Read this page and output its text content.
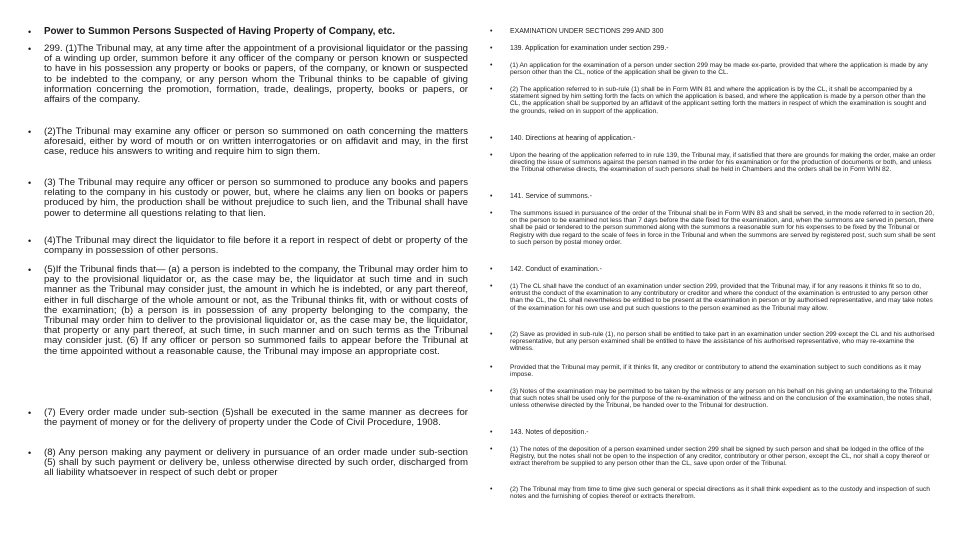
• Power to Summon Persons Suspected of Having Property of Company, etc.
• 299. (1)The Tribunal may, at any time after the appointment of a provisional liquidator or the passing of a winding up order, summon before it any officer of the company or person known or suspected to have in his possession any property or books or papers, of the company, or known or suspected to be indebted to the company, or any person whom the Tribunal thinks to be capable of giving information concerning the promotion, formation, trade, dealings, property, books or papers, or affairs of the company.
• (2)The Tribunal may examine any officer or person so summoned on oath concerning the matters aforesaid, either by word of mouth or on written interrogatories or on affidavit and may, in the first case, reduce his answers to writing and require him to sign them.
• (3) The Tribunal may require any officer or person so summoned to produce any books and papers relating to the company in his custody or power, but, where he claims any lien on books or papers produced by him, the production shall be without prejudice to such lien, and the Tribunal shall have power to determine all questions relating to that lien.
• (4)The Tribunal may direct the liquidator to file before it a report in respect of debt or property of the company in possession of other persons.
• (5)If the Tribunal finds that— (a) a person is indebted to the company, the Tribunal may order him to pay to the provisional liquidator or, as the case may be, the liquidator at such time and in such manner as the Tribunal may consider just, the amount in which he is indebted, or any part thereof, either in full discharge of the whole amount or not, as the Tribunal thinks fit, with or without costs of the examination; (b) a person is in possession of any property belonging to the company, the Tribunal may order him to deliver to the provisional liquidator or, as the case may be, the liquidator, that property or any part thereof, at such time, in such manner and on such terms as the Tribunal may consider just. (6) If any officer or person so summoned fails to appear before the Tribunal at the time appointed without a reasonable cause, the Tribunal may impose an appropriate cost.
• (7) Every order made under sub-section (5)shall be executed in the same manner as decrees for the payment of money or for the delivery of property under the Code of Civil Procedure, 1908.
• (8) Any person making any payment or delivery in pursuance of an order made under sub-section (5) shall by such payment or delivery be, unless otherwise directed by such order, discharged from all liability whatsoever in respect of such debt or proper
•	EXAMINATION UNDER SECTIONS 299 AND 300
•	139. Application for examination under section 299.-
•	(1) An application for the examination of a person under section 299 may be made ex-parte, provided that where the application is made by any person other than the CL, notice of the application shall be given to the CL.
•	(2) The application referred to in sub-rule (1) shall be in Form WIN 81 and where the application is by the CL, it shall be accompanied by a statement signed by him setting forth the facts on which the application is based, and where the application is made by a person other than the CL, the application shall be supported by an affidavit of the applicant setting forth the matters in respect of which the examination is sought and the grounds, relied on in support of the application.
•	140. Directions at hearing of application.-
•	Upon the hearing of the application referred to in rule 139, the Tribunal may, if satisfied that there are grounds for making the order, make an order directing the issue of summons against the person named in the order for his examination or for the production of documents or both, and unless the Tribunal otherwise directs, the examination of such persons shall be held in Chambers and the orders shall be in Form WIN 82.
•	141. Service of summons.-
•	The summons issued in pursuance of the order of the Tribunal shall be in Form WIN 83 and shall be served, in the mode referred to in section 20, on the person to be examined not less than 7 days before the date fixed for the examination, and, when the summons are served in person, there shall be paid or tendered to the person summoned along with the summons a reasonable sum for his expenses to be fixed by the Tribunal or Registry with due regard to the scale of fees in force in the Tribunal and when the summons are served by registered post, such sum shall be sent to such person by postal money order.
•	142. Conduct of examination.-
•	(1) The CL shall have the conduct of an examination under section 299, provided that the Tribunal may, if for any reasons it thinks fit so to do, entrust the conduct of the examination to any contributory or creditor and where the conduct of the examination is entrusted to any person other than the CL, the CL shall nevertheless be entitled to be present at the examination in person or by authorised representative, and may take notes of the examination for his own use and put such questions to the person examined as the Tribunal may allow.
•	(2) Save as provided in sub-rule (1), no person shall be entitled to take part in an examination under section 299 except the CL and his authorised representative, but any person examined shall be entitled to have the assistance of his authorised representative, who may re-examine the witness.
•	Provided that the Tribunal may permit, if it thinks fit, any creditor or contributory to attend the examination subject to such conditions as it may impose.
•	(3) Notes of the examination may be permitted to be taken by the witness or any person on his behalf on his giving an undertaking to the Tribunal that such notes shall be used only for the purpose of the re-examination of the witness and on the conclusion of the examination, the notes shall, unless otherwise directed by the Tribunal, be handed over to the Tribunal for destruction.
•	143. Notes of deposition.-
•	(1) The notes of the deposition of a person examined under section 299 shall be signed by such person and shall be lodged in the office of the Registry, but the notes shall not be open to the inspection of any creditor, contributory or other person, except the CL, nor shall a copy thereof or extract therefrom be supplied to any person other than the CL, save upon order of the Tribunal.
•	(2) The Tribunal may from time to time give such general or special directions as it shall think expedient as to the custody and inspection of such notes and the furnishing of copies thereof or extracts therefrom.
